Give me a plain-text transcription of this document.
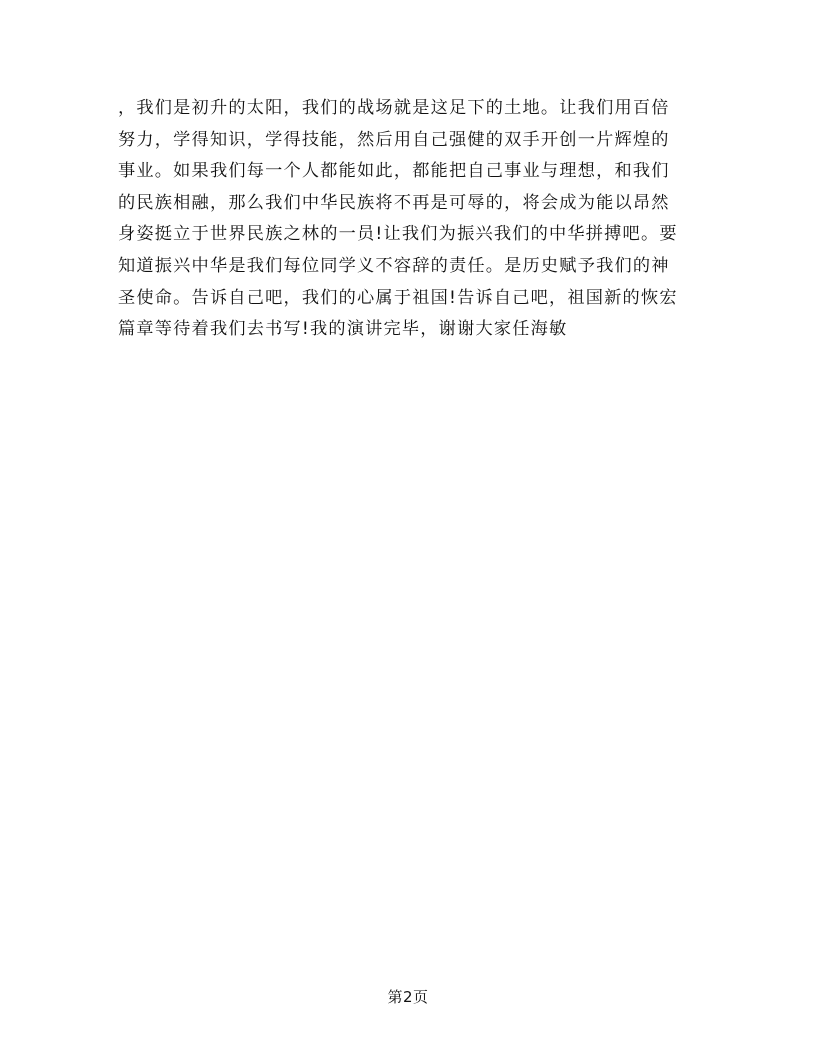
，我们是初升的太阳，我们的战场就是这足下的土地。让我们用百倍
努力，学得知识，学得技能，然后用自己强健的双手开创一片辉煌的
事业。如果我们每一个人都能如此，都能把自己事业与理想，和我们
的民族相融，那么我们中华民族将不再是可辱的，将会成为能以昂然
身姿挺立于世界民族之林的一员!让我们为振兴我们的中华拼搏吧。要
知道振兴中华是我们每位同学义不容辞的责任。是历史赋予我们的神
圣使命。告诉自己吧，我们的心属于祖国!告诉自己吧，祖国新的恢宏
篇章等待着我们去书写!我的演讲完毕，谢谢大家任海敏
第2页
